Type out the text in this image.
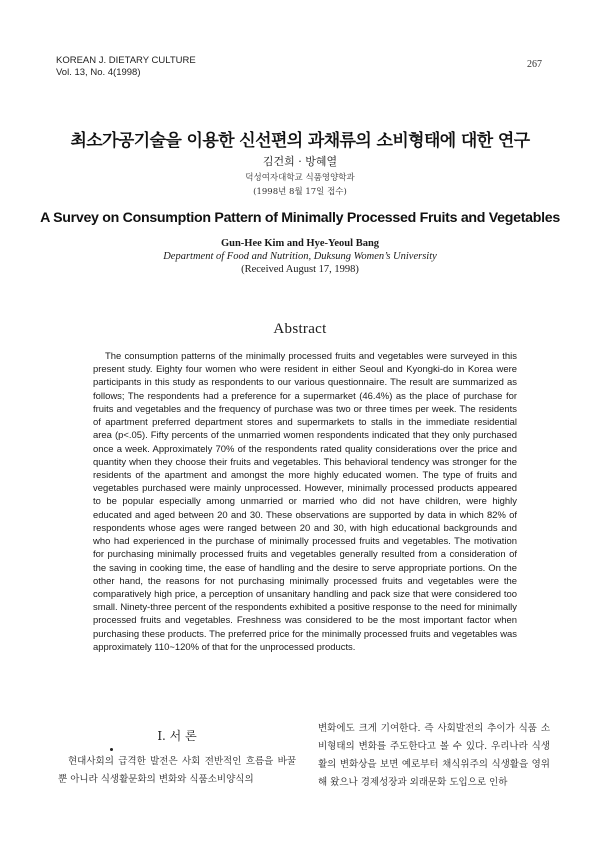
KOREAN J. DIETARY CULTURE
Vol. 13, No. 4(1998)
267
최소가공기술을 이용한 신선편의 과채류의 소비형태에 대한 연구
김건희 · 방혜열
덕성여자대학교 식품영양학과
(1998년 8월 17일 접수)
A Survey on Consumption Pattern of Minimally Processed Fruits and Vegetables
Gun-Hee Kim and Hye-Yeoul Bang
Department of Food and Nutrition, Duksung Women’s University
(Received August 17, 1998)
Abstract

The consumption patterns of the minimally processed fruits and vegetables were surveyed in this present study. Eighty four women who were resident in either Seoul and Kyongki-do in Korea were participants in this study as respondents to our various questionnaire. The result are summarized as follows; The respondents had a preference for a supermarket (46.4%) as the place of purchase for fruits and vegetables and the frequency of purchase was two or three times per week. The residents of apartment preferred department stores and supermarkets to stalls in the immediate residential area (p<.05). Fifty percents of the unmarried women respondents indicated that they only purchased once a week. Approximately 70% of the respondents rated quality considerations over the price and quantity when they choose their fruits and vegetables. This behavioral tendency was stronger for the residents of the apartment and amongst the more highly educated women. The type of fruits and vegetables purchased were mainly unprocessed. However, minimally processed products appeared to be popular especially among unmarried or married who did not have children, were highly educated and aged between 20 and 30. These observations are supported by data in which 82% of respondents whose ages were ranged between 20 and 30, with high educational backgrounds and who had experienced in the purchase of minimally processed fruits and vegetables. The motivation for purchasing minimally processed fruits and vegetables generally resulted from a consideration of the saving in cooking time, the ease of handling and the desire to serve appropriate portions. On the other hand, the reasons for not purchasing minimally processed fruits and vegetables were the comparatively high price, a perception of unsanitary handling and pack size that were considered too small. Ninety-three percent of the respondents exhibited a positive response to the need for minimally processed fruits and vegetables. Freshness was considered to be the most important factor when purchasing these products. The preferred price for the minimally processed fruits and vegetables was approximately 110~120% of that for the unprocessed products.

I. 서 론

현대사회의 급격한 발전은 사회 전반적인 흐름을 바꿀 뿐 아니라 식생활문화의 변화와 식품소비양식의

변화에도 크게 기여한다. 즉 사회발전의 추이가 식품 소비형태의 변화를 주도한다고 볼 수 있다. 우리나라 식생활의 변화상을 보면 예로부터 채식위주의 식생활을 영위해 왔으나 경제성장과 외래문화 도입으로 인하
